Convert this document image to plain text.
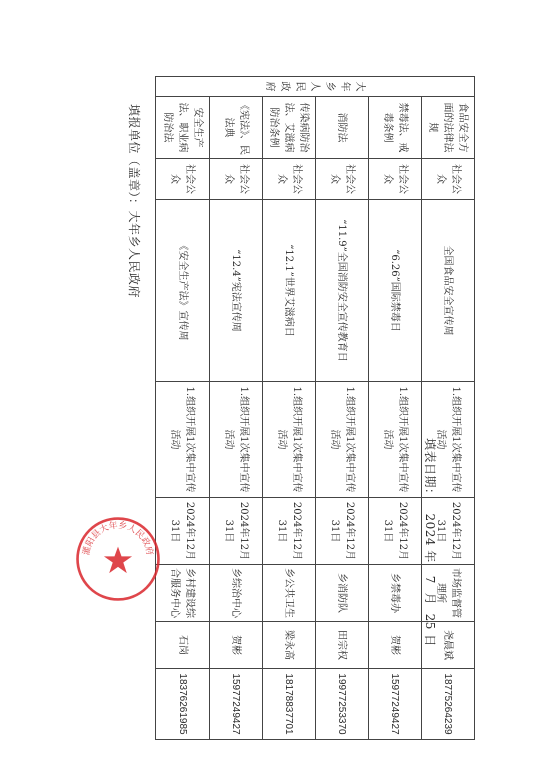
大年乡人民政府	食品安全方面的法律法规	社会公众	全国食品安全宣传周	1.组织开展1次集中宣传活动	2024年12月31日	市场监督管理所	尧晨斌	18775264239
	禁毒法、戒毒条例	社会公众	“6.26”国际禁毒日	1.组织开展1次集中宣传活动	2024年12月31日	乡禁毒办	贺彬	15977249427
	消防法	社会公众	“11.9”全国消防安全宣传教育日	1.组织开展1次集中宣传活动	2024年12月31日	乡消防队	田宗权	19977253370
	传染病防治法、艾滋病防治条例	社会公众	“12.1”世界艾滋病日	1.组织开展1次集中宣传活动	2024年12月31日	乡公共卫生	梁永高	18178837701
	《宪法》、民法典	社会公众	“12.4”宪法宣传周	1.组织开展1次集中宣传活动	2024年12月31日	乡综治中心	贺彬	15977249427
	安全生产法、职业病防治法	社会公众	《安全生产法》宣传周	1.组织开展1次集中宣传活动	2024年12月31日	乡村建设综合服务中心	石岗	18376261985
填报单位（盖章）：大年乡人民政府
填表日期：   2024 年   7  月  25 日
灌阳县大年乡人民政府
